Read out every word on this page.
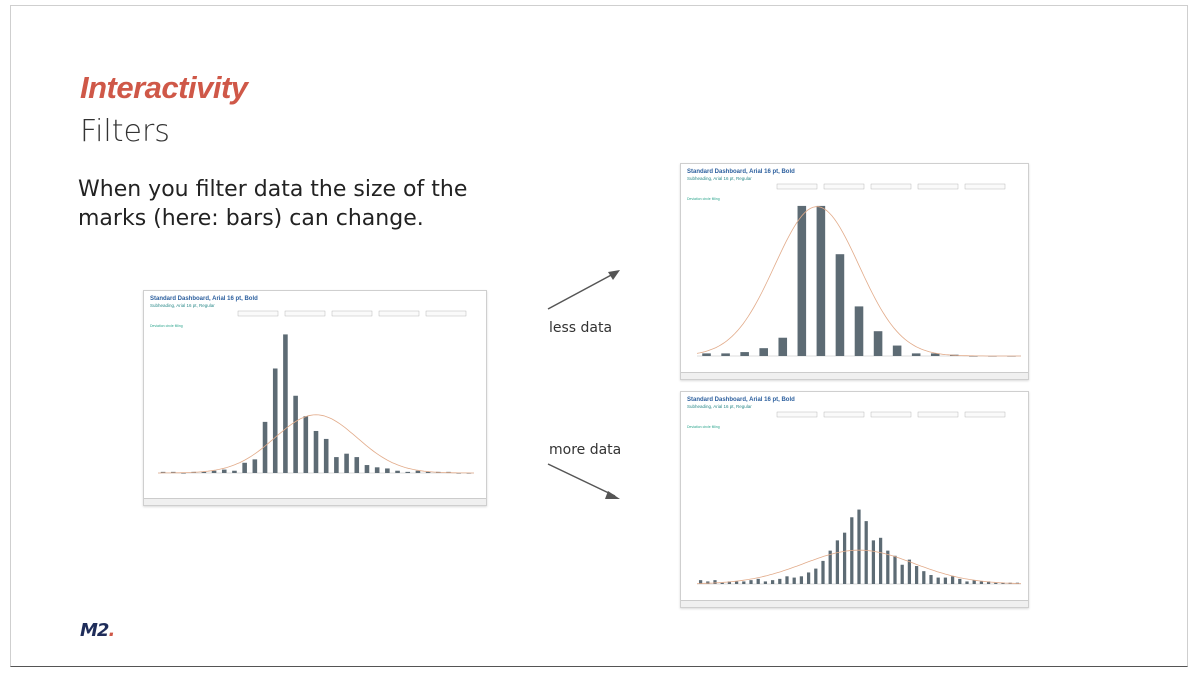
Interactivity
Filters
When you filter data the size of the marks (here: bars) can change.
Standard Dashboard, Arial 16 pt, Bold
Subheading, Arial 16 pt, Regular
Deviation circle filling
Standard Dashboard, Arial 16 pt, Bold
Subheading, Arial 16 pt, Regular
Deviation circle filling
Standard Dashboard, Arial 16 pt, Bold
Subheading, Arial 16 pt, Regular
Deviation circle filling
less data
more data
M2.
